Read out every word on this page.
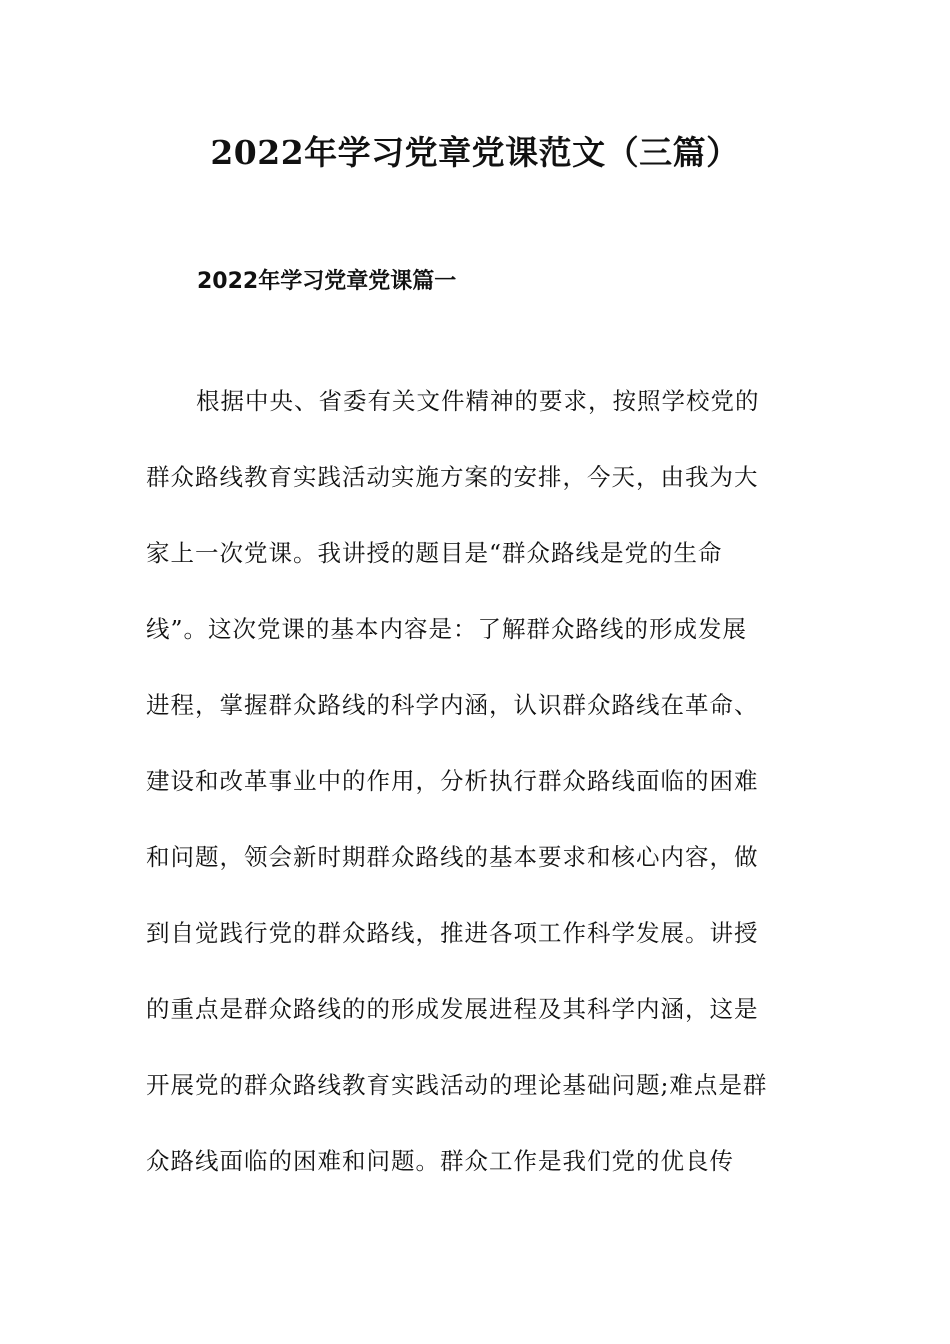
2022年学习党章党课范文（三篇）
2022年学习党章党课篇一

根据中央、省委有关文件精神的要求，按照学校党的

群众路线教育实践活动实施方案的安排，今天，由我为大

家上一次党课。我讲授的题目是“群众路线是党的生命

线”。这次党课的基本内容是：了解群众路线的形成发展

进程，掌握群众路线的科学内涵，认识群众路线在革命、

建设和改革事业中的作用，分析执行群众路线面临的困难

和问题，领会新时期群众路线的基本要求和核心内容，做

到自觉践行党的群众路线，推进各项工作科学发展。讲授

的重点是群众路线的的形成发展进程及其科学内涵，这是

开展党的群众路线教育实践活动的理论基础问题;难点是群

众路线面临的困难和问题。群众工作是我们党的优良传
